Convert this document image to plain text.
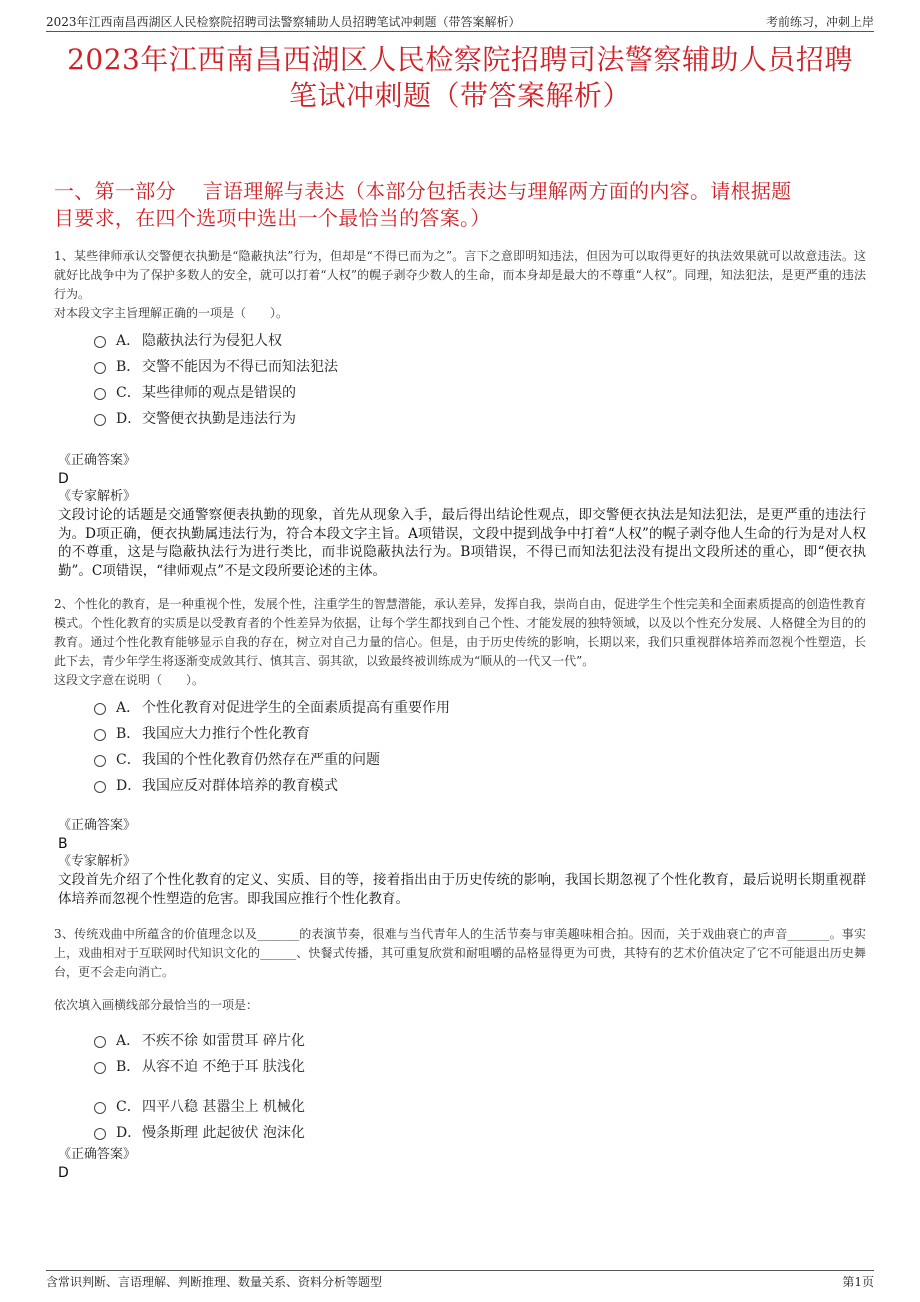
2023年江西南昌西湖区人民检察院招聘司法警察辅助人员招聘笔试冲刺题（带答案解析）	考前练习，冲刺上岸
2023年江西南昌西湖区人民检察院招聘司法警察辅助人员招聘
笔试冲刺题（带答案解析）
一、第一部分　 言语理解与表达（本部分包括表达与理解两方面的内容。请根据题
目要求，在四个选项中选出一个最恰当的答案。）
1、某些律师承认交警便衣执勤是“隐蔽执法”行为，但却是“不得已而为之”。言下之意即明知违法，但因为可以取得更好的执法效果就可以故意违法。这就好比战争中为了保护多数人的安全，就可以打着“人权”的幌子剥夺少数人的生命，而本身却是最大的不尊重“人权”。同理，知法犯法，是更严重的违法行为。
对本段文字主旨理解正确的一项是（　　）。
A． 隐蔽执法行为侵犯人权
B． 交警不能因为不得已而知法犯法
C． 某些律师的观点是错误的
D． 交警便衣执勤是违法行为
《正确答案》
D
《专家解析》
文段讨论的话题是交通警察便表执勤的现象，首先从现象入手，最后得出结论性观点，即交警便衣执法是知法犯法，是更严重的违法行为。D项正确，便衣执勤属违法行为，符合本段文字主旨。A项错误，文段中提到战争中打着“人权”的幌子剥夺他人生命的行为是对人权的不尊重，这是与隐蔽执法行为进行类比，而非说隐蔽执法行为。B项错误，不得已而知法犯法没有提出文段所述的重心，即“便衣执勤”。C项错误，“律师观点”不是文段所要论述的主体。
2、个性化的教育，是一种重视个性，发展个性，注重学生的智慧潜能，承认差异，发挥自我，崇尚自由，促进学生个性完美和全面素质提高的创造性教育模式。个性化教育的实质是以受教育者的个性差异为依据，让每个学生都找到自己个性、才能发展的独特领域，以及以个性充分发展、人格健全为目的的教育。通过个性化教育能够显示自我的存在，树立对自己力量的信心。但是，由于历史传统的影响，长期以来，我们只重视群体培养而忽视个性塑造，长此下去，青少年学生将逐渐变成敛其行、慎其言、弱其欲，以致最终被训练成为“顺从的一代又一代”。
这段文字意在说明（　　）。
A． 个性化教育对促进学生的全面素质提高有重要作用
B． 我国应大力推行个性化教育
C． 我国的个性化教育仍然存在严重的问题
D． 我国应反对群体培养的教育模式
《正确答案》
B
《专家解析》
文段首先介绍了个性化教育的定义、实质、目的等，接着指出由于历史传统的影响，我国长期忽视了个性化教育，最后说明长期重视群体培养而忽视个性塑造的危害。即我国应推行个性化教育。
3、传统戏曲中所蕴含的价值理念以及_______的表演节奏，很难与当代青年人的生活节奏与审美趣味相合拍。因而，关于戏曲衰亡的声音_______。事实上，戏曲相对于互联网时代知识文化的______、快餐式传播，其可重复欣赏和耐咀嚼的品格显得更为可贵，其特有的艺术价值决定了它不可能退出历史舞台，更不会走向消亡。
依次填入画横线部分最恰当的一项是：
A． 不疾不徐 如雷贯耳 碎片化
B． 从容不迫 不绝于耳 肤浅化
C． 四平八稳 甚嚣尘上 机械化
D． 慢条斯理 此起彼伏 泡沫化
《正确答案》
D
含常识判断、言语理解、判断推理、数量关系、资料分析等题型	第1页
